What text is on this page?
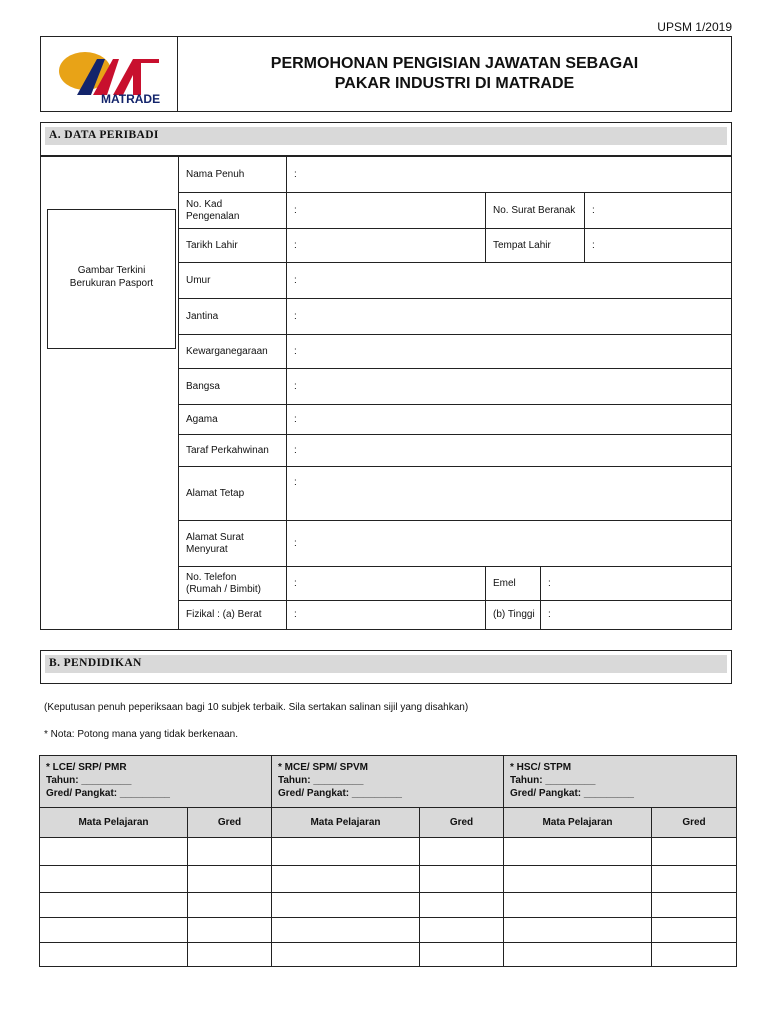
UPSM 1/2019
MATRADE
PERMOHONAN PENGISIAN JAWATAN SEBAGAI
PAKAR INDUSTRI DI MATRADE
A. DATA PERIBADI
Gambar Terkini
Berukuran Pasport
Nama Penuh	:
No. Kad
Pengenalan
:	No. Surat Beranak	:
Tarikh Lahir	:	Tempat Lahir	:
Umur	:
Jantina	:
Kewarganegaraan	:
Bangsa	:
Agama	:
Taraf Perkahwinan	:
Alamat Tetap
:
Alamat Surat
Menyurat
:
No. Telefon
(Rumah / Bimbit)
:	Emel	:
Fizikal : (a) Berat	:	(b) Tinggi	:
B. PENDIDIKAN
(Keputusan penuh peperiksaan bagi 10 subjek terbaik. Sila sertakan salinan sijil yang disahkan)
* Nota: Potong mana yang tidak berkenaan.
* LCE/ SRP/ PMR
Tahun: _________
Gred/ Pangkat: _________
* MCE/ SPM/ SPVM
Tahun: _________
Gred/ Pangkat: _________
* HSC/ STPM
Tahun: _________
Gred/ Pangkat: _________
Mata Pelajaran	Gred	Mata Pelajaran	Gred	Mata Pelajaran	Gred
